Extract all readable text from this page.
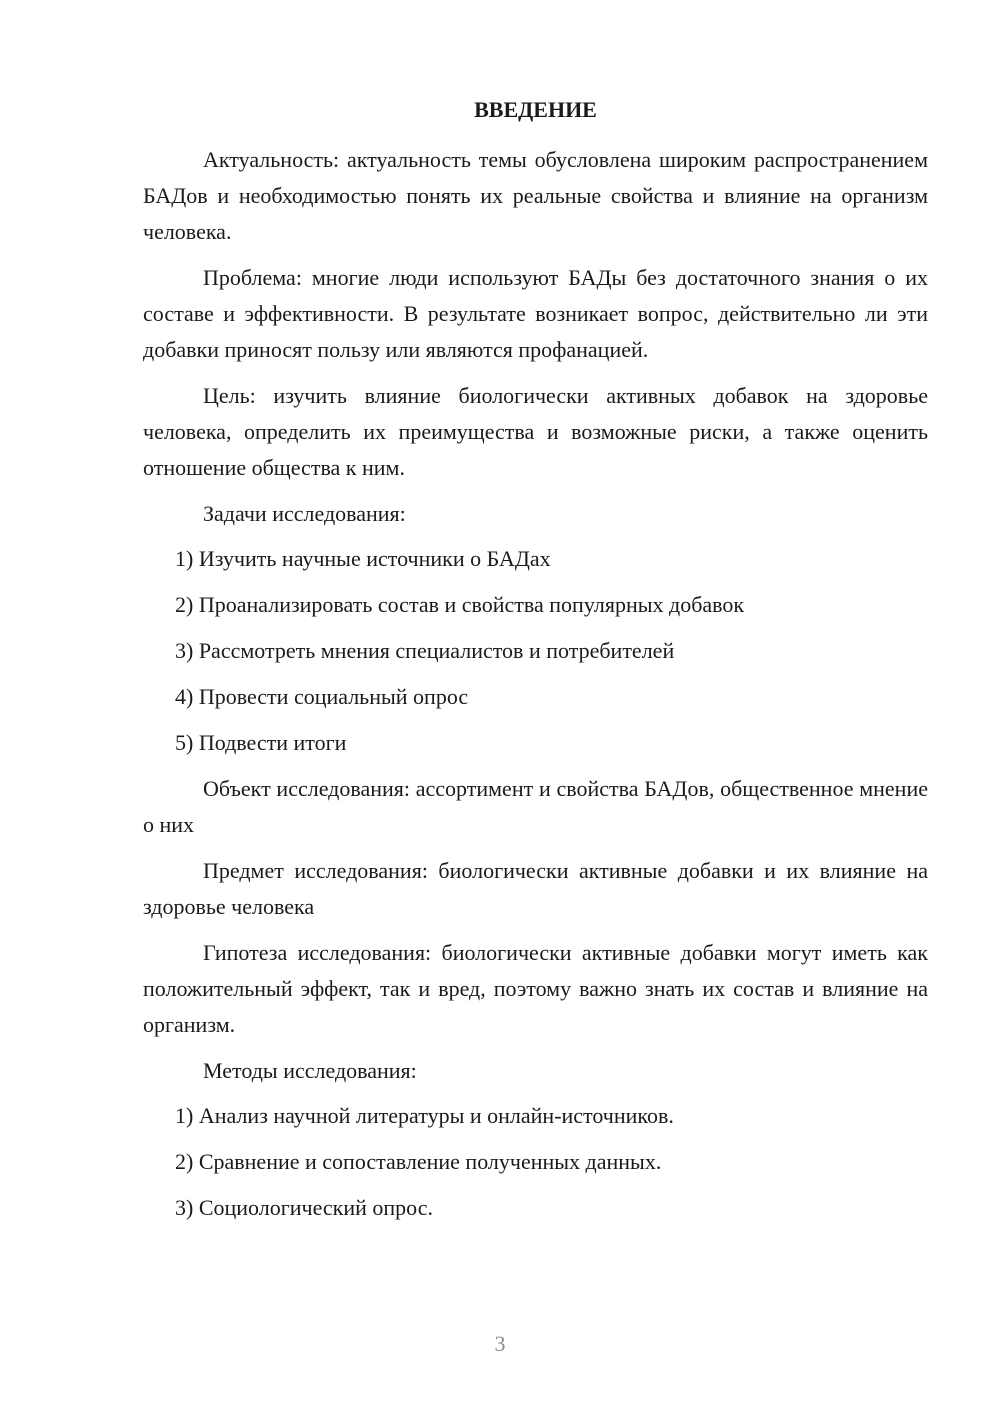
ВВЕДЕНИЕ

Актуальность: актуальность темы обусловлена широким распространением БАДов и необходимостью понять их реальные свойства и влияние на организм человека.

Проблема: многие люди используют БАДы без достаточного знания о их составе и эффективности. В результате возникает вопрос, действительно ли эти добавки приносят пользу или являются профанацией.

Цель: изучить влияние биологически активных добавок на здоровье человека, определить их преимущества и возможные риски, а также оценить отношение общества к ним.

Задачи исследования:
1) Изучить научные источники о БАДах
2) Проанализировать состав и свойства популярных добавок
3) Рассмотреть мнения специалистов и потребителей
4) Провести социальный опрос
5) Подвести итоги

Объект исследования: ассортимент и свойства БАДов, общественное мнение о них

Предмет исследования: биологически активные добавки и их влияние на здоровье человека

Гипотеза исследования: биологически активные добавки могут иметь как положительный эффект, так и вред, поэтому важно знать их состав и влияние на организм.

Методы исследования:
1) Анализ научной литературы и онлайн-источников.
2) Сравнение и сопоставление полученных данных.
3) Социологический опрос.
3
